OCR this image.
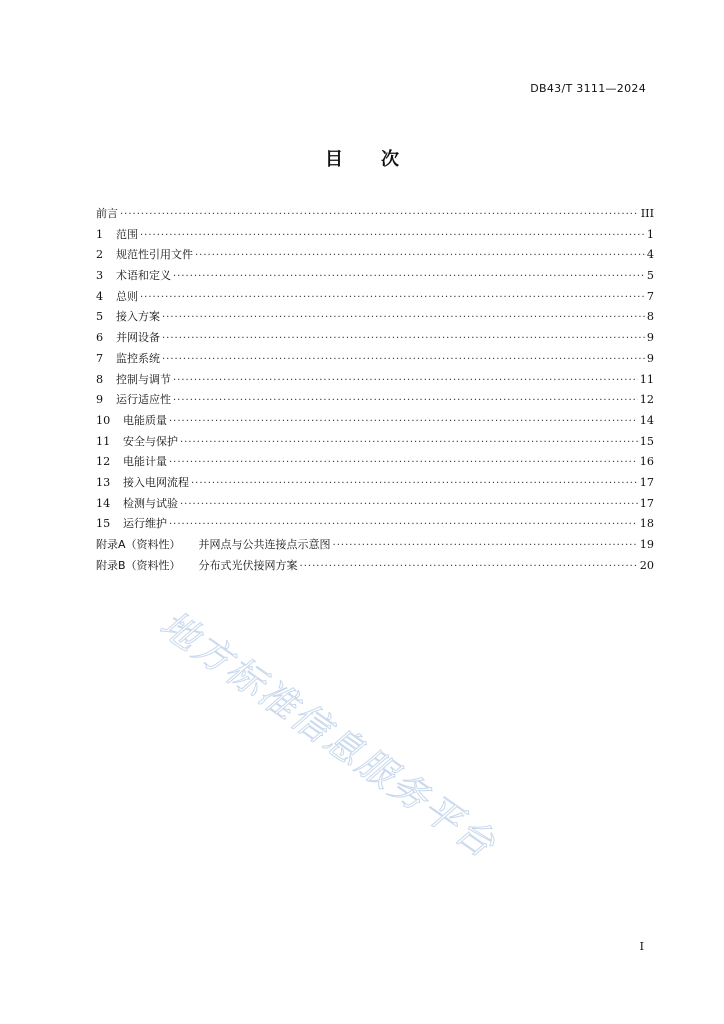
DB43/T 3111—2024
目次
前言 ·····	III
1	范围 ·····	1
2	规范性引用文件 ·····	4
3	术语和定义 ·····	5
4	总则 ·····	7
5	接入方案 ·····	8
6	并网设备 ·····	9
7	监控系统 ·····	9
8	控制与调节 ·····	11
9	运行适应性 ·····	12
10	电能质量 ·····	14
11	安全与保护 ·····	15
12	电能计量 ·····	16
13	接入电网流程 ·····	17
14	检测与试验 ·····	17
15	运行维护 ·····	18
附录A（资料性） 并网点与公共连接点示意图 ·····	19
附录B（资料性） 分布式光伏接网方案 ·····	20
地方标准信息服务平台
I
